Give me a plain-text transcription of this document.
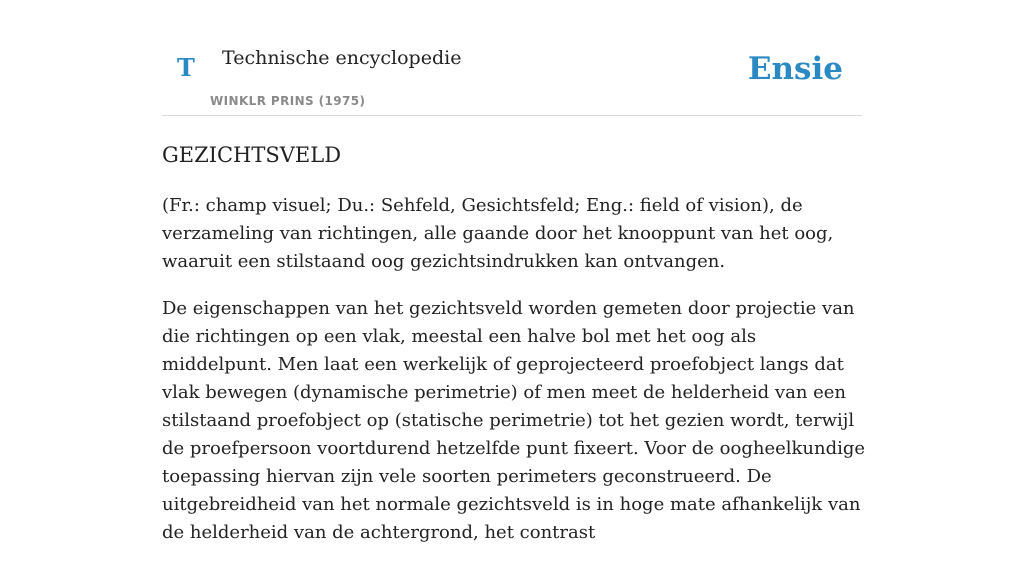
T Technische encyclopedie
WINKLR PRINS (1975)
Ensie
GEZICHTSVELD

(Fr.: champ visuel; Du.: Sehfeld, Gesichtsfeld; Eng.: field of vision), de verzameling van richtingen, alle gaande door het knooppunt van het oog, waaruit een stilstaand oog gezichtsindrukken kan ontvangen.

De eigenschappen van het gezichtsveld worden gemeten door projectie van die richtingen op een vlak, meestal een halve bol met het oog als middelpunt. Men laat een werkelijk of geprojecteerd proefobject langs dat vlak bewegen (dynamische perimetrie) of men meet de helderheid van een stilstaand proefobject op (statische perimetrie) tot het gezien wordt, terwijl de proefpersoon voortdurend hetzelfde punt fixeert. Voor de oogheelkundige toepassing hiervan zijn vele soorten perimeters geconstrueerd. De uitgebreidheid van het normale gezichtsveld is in hoge mate afhankelijk van de helderheid van de achtergrond, het contrast
